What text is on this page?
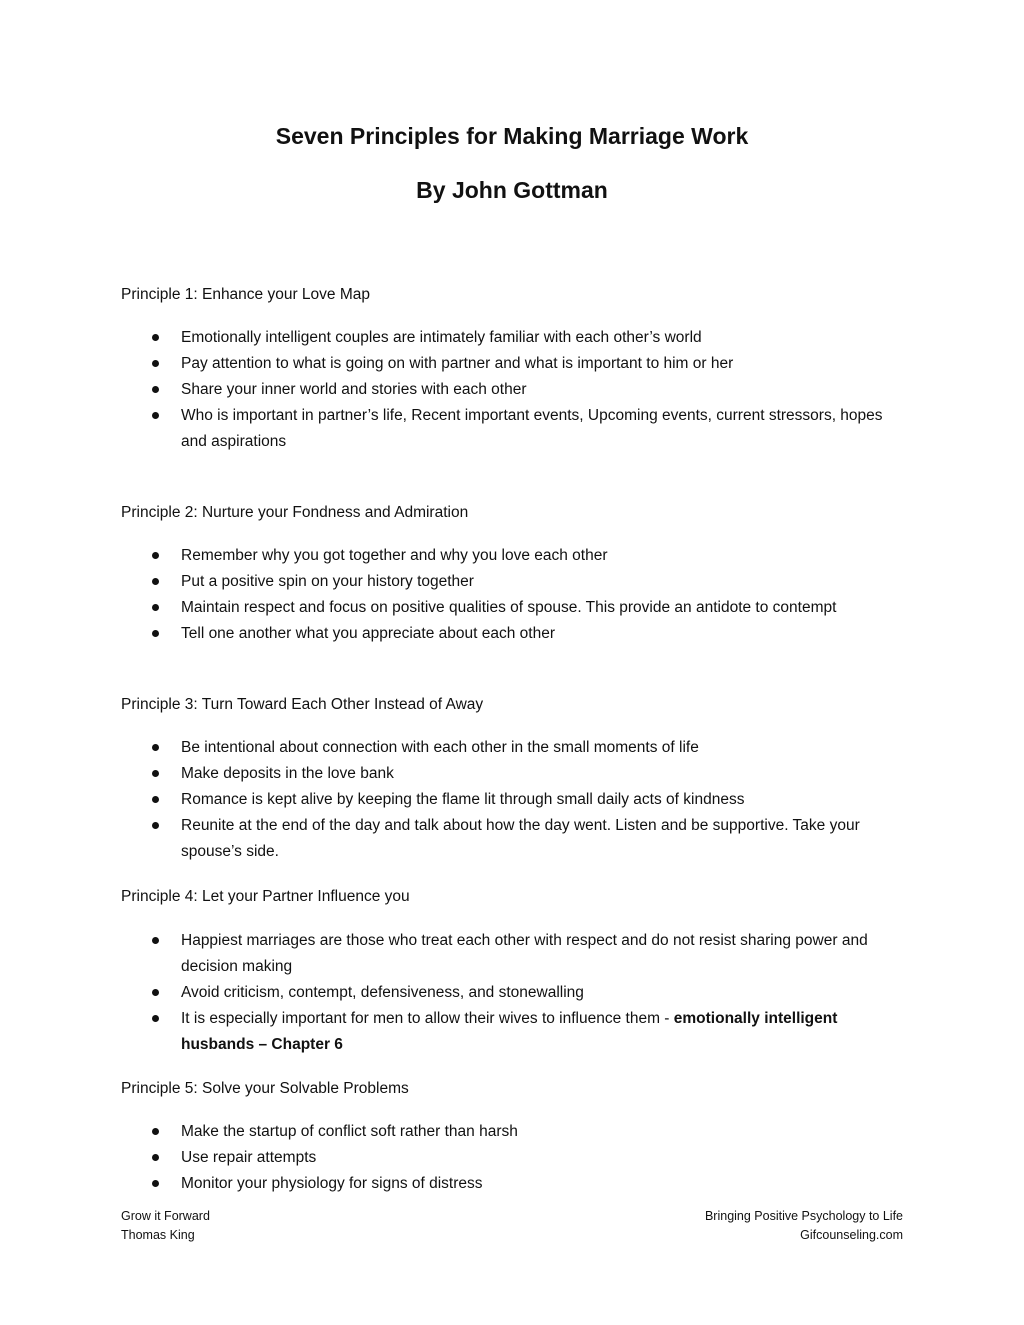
Seven Principles for Making Marriage Work
By John Gottman

Principle 1: Enhance your Love Map

Emotionally intelligent couples are intimately familiar with each other’s world
Pay attention to what is going on with partner and what is important to him or her
Share your inner world and stories with each other
Who is important in partner’s life, Recent important events, Upcoming events, current stressors, hopes and aspirations

Principle 2: Nurture your Fondness and Admiration

Remember why you got together and why you love each other
Put a positive spin on your history together
Maintain respect and focus on positive qualities of spouse. This provide an antidote to contempt
Tell one another what you appreciate about each other

Principle 3: Turn Toward Each Other Instead of Away

Be intentional about connection with each other in the small moments of life
Make deposits in the love bank
Romance is kept alive by keeping the flame lit through small daily acts of kindness
Reunite at the end of the day and talk about how the day went. Listen and be supportive. Take your spouse’s side.

Principle 4: Let your Partner Influence you

Happiest marriages are those who treat each other with respect and do not resist sharing power and decision making
Avoid criticism, contempt, defensiveness, and stonewalling
It is especially important for men to allow their wives to influence them - emotionally intelligent husbands – Chapter 6

Principle 5: Solve your Solvable Problems

Make the startup of conflict soft rather than harsh
Use repair attempts
Monitor your physiology for signs of distress
Grow it Forward
Thomas King
Bringing Positive Psychology to Life
Gifcounseling.com
